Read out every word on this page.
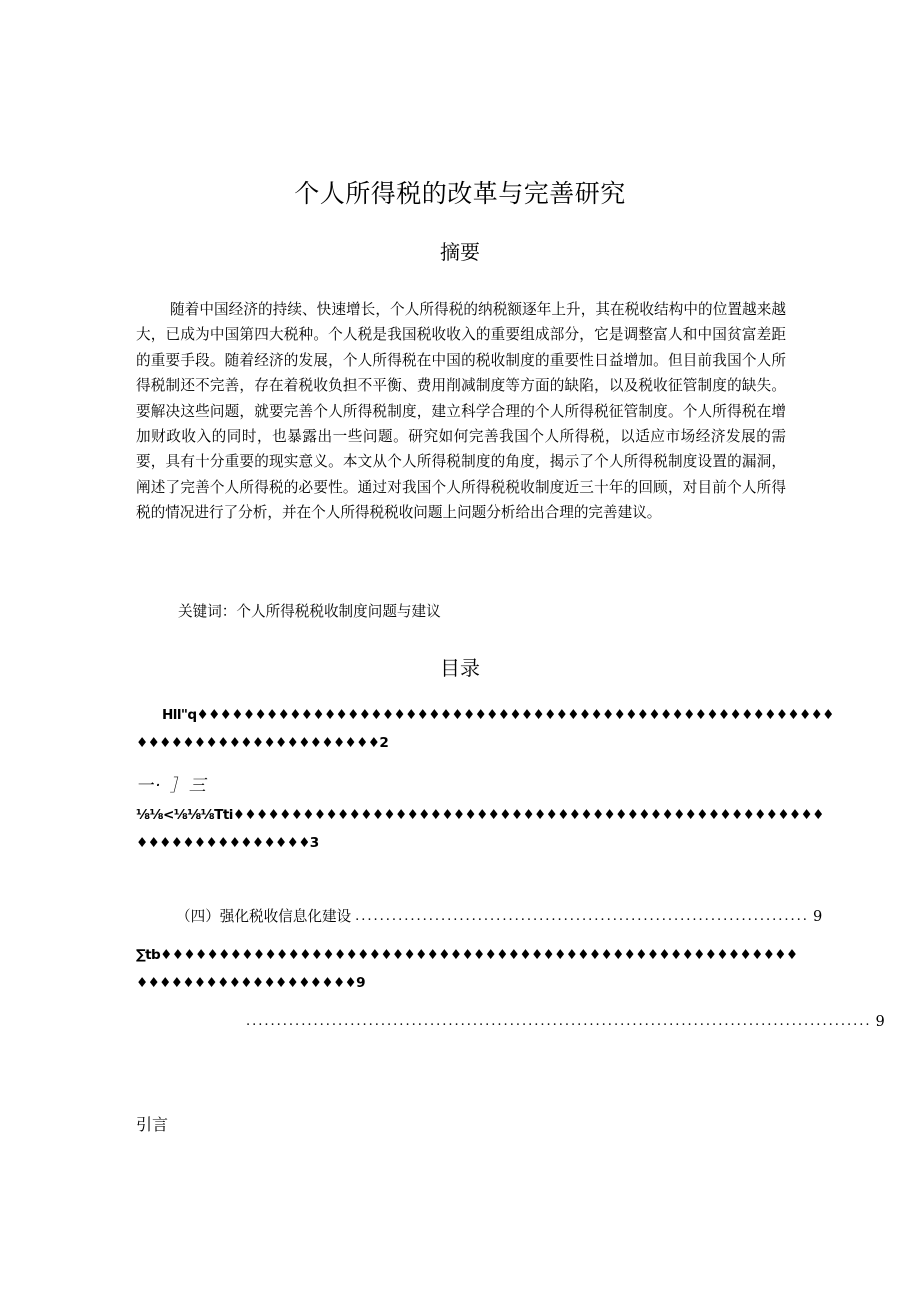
个人所得税的改革与完善研究
摘要

随着中国经济的持续、快速增长，个人所得税的纳税额逐年上升，其在税收结构中的位置越来越大，已成为中国第四大税种。个人税是我国税收收入的重要组成部分，它是调整富人和中国贫富差距的重要手段。随着经济的发展，个人所得税在中国的税收制度的重要性日益增加。但目前我国个人所得税制还不完善，存在着税收负担不平衡、费用削减制度等方面的缺陷，以及税收征管制度的缺失。要解决这些问题，就要完善个人所得税制度，建立科学合理的个人所得税征管制度。个人所得税在增加财政收入的同时，也暴露出一些问题。研究如何完善我国个人所得税，以适应市场经济发展的需要，具有十分重要的现实意义。本文从个人所得税制度的角度，揭示了个人所得税制度设置的漏洞，阐述了完善个人所得税的必要性。通过对我国个人所得税税收制度近三十年的回顾，对目前个人所得税的情况进行了分析，并在个人所得税税收问题上问题分析给出合理的完善建议。

关键词：个人所得税税收制度问题与建议
目录
Hll"q♦♦♦♦♦♦♦♦♦♦♦♦♦♦♦♦♦♦♦♦♦♦♦♦♦♦♦♦♦♦♦♦♦♦♦♦♦♦♦♦♦♦♦♦♦♦♦♦♦♦♦♦♦♦♦
♦♦♦♦♦♦♦♦♦♦♦♦♦♦♦♦♦♦♦♦♦2
一· ］三
⅛⅛<⅛⅛⅛Tti♦♦♦♦♦♦♦♦♦♦♦♦♦♦♦♦♦♦♦♦♦♦♦♦♦♦♦♦♦♦♦♦♦♦♦♦♦♦♦♦♦♦♦♦♦♦♦♦♦♦♦
♦♦♦♦♦♦♦♦♦♦♦♦♦♦♦3
（四）强化税收信息化建设 .......................................................................... 9
∑tb♦♦♦♦♦♦♦♦♦♦♦♦♦♦♦♦♦♦♦♦♦♦♦♦♦♦♦♦♦♦♦♦♦♦♦♦♦♦♦♦♦♦♦♦♦♦♦♦♦♦♦♦♦♦♦
♦♦♦♦♦♦♦♦♦♦♦♦♦♦♦♦♦♦♦9
...................................................................................................... 9
引言
